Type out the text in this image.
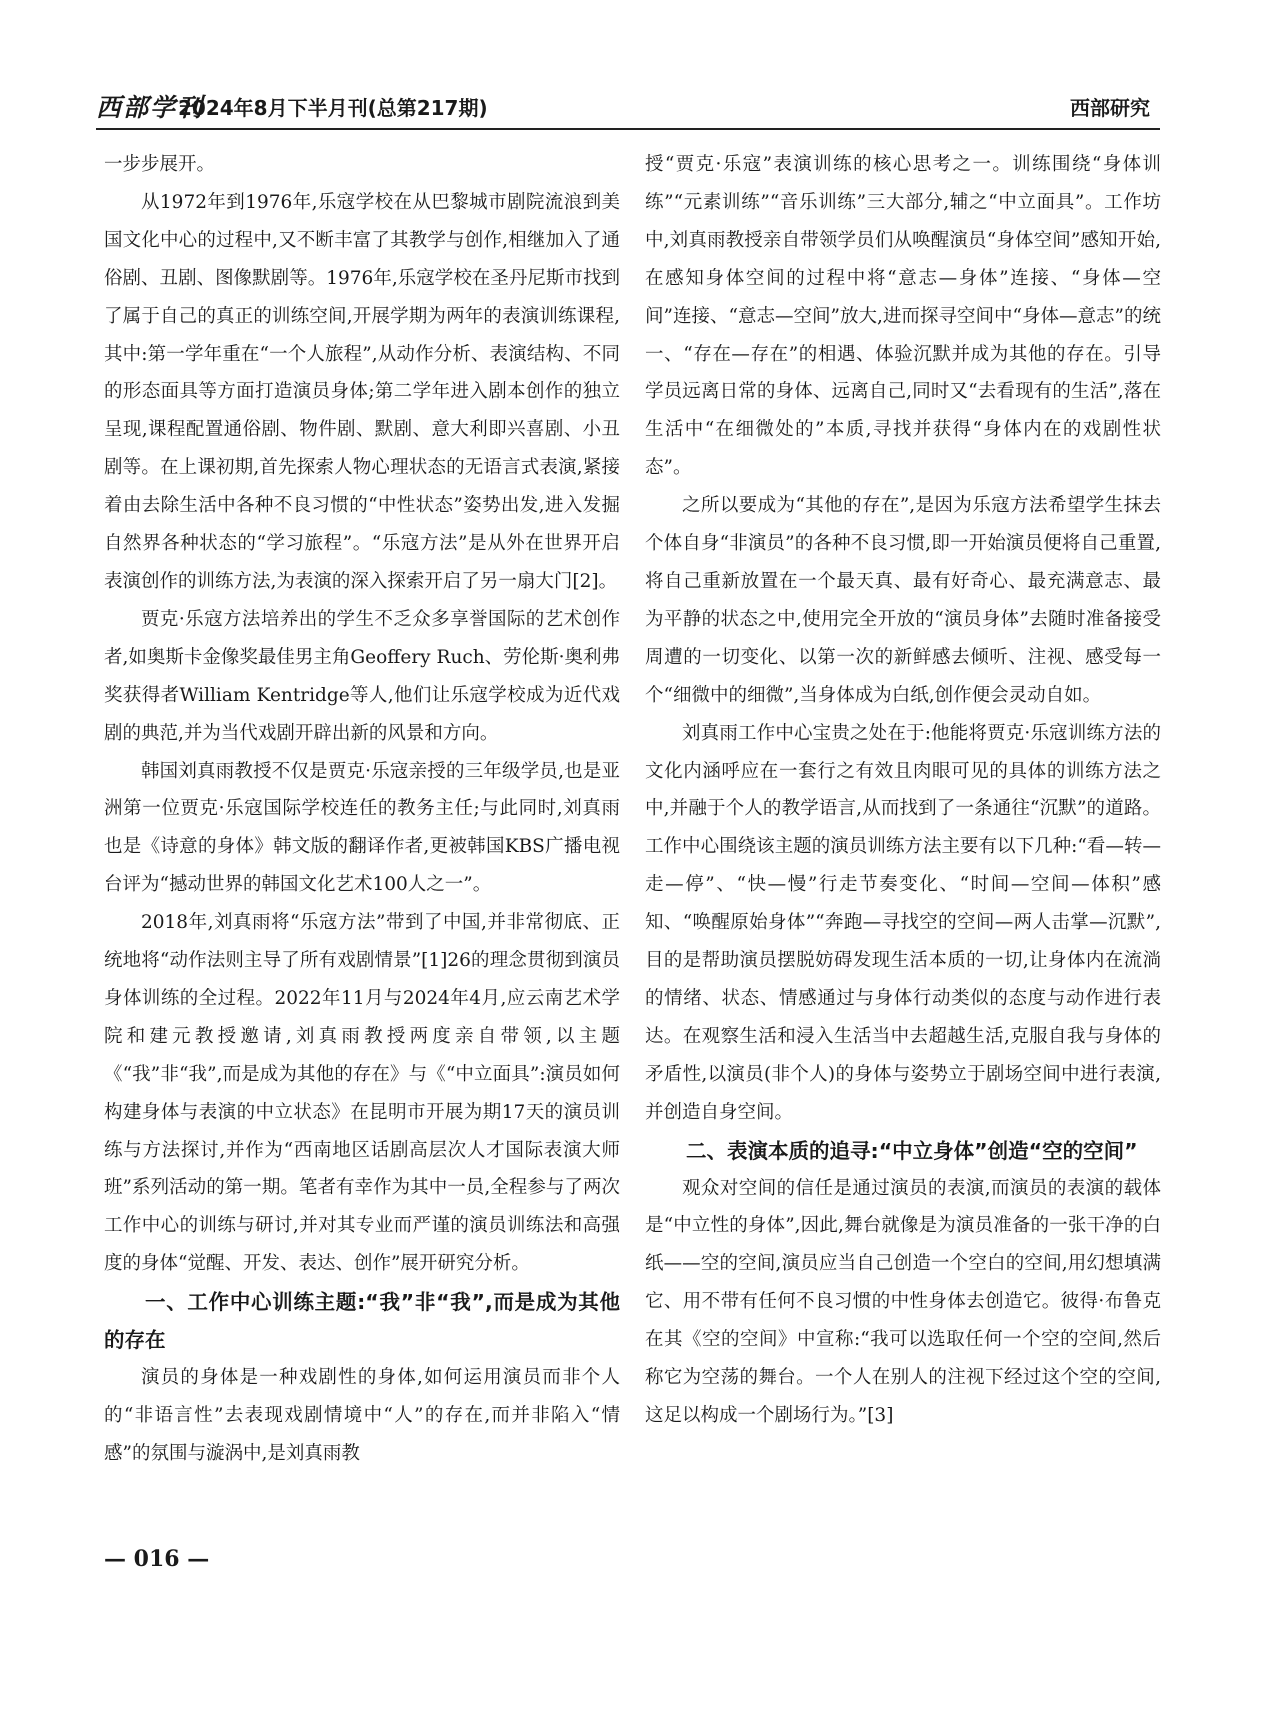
西部学刊
2024年8月下半月刊(总第217期)	西部研究

一步步展开。

从1972年到1976年,乐寇学校在从巴黎城市剧院流浪到美国文化中心的过程中,又不断丰富了其教学与创作,相继加入了通俗剧、丑剧、图像默剧等。1976年,乐寇学校在圣丹尼斯市找到了属于自己的真正的训练空间,开展学期为两年的表演训练课程,其中:第一学年重在“一个人旅程”,从动作分析、表演结构、不同的形态面具等方面打造演员身体;第二学年进入剧本创作的独立呈现,课程配置通俗剧、物件剧、默剧、意大利即兴喜剧、小丑剧等。在上课初期,首先探索人物心理状态的无语言式表演,紧接着由去除生活中各种不良习惯的“中性状态”姿势出发,进入发掘自然界各种状态的“学习旅程”。“乐寇方法”是从外在世界开启表演创作的训练方法,为表演的深入探索开启了另一扇大门[2]。

贾克·乐寇方法培养出的学生不乏众多享誉国际的艺术创作者,如奥斯卡金像奖最佳男主角Geoffery Ruch、劳伦斯·奥利弗奖获得者William Kentridge等人,他们让乐寇学校成为近代戏剧的典范,并为当代戏剧开辟出新的风景和方向。

韩国刘真雨教授不仅是贾克·乐寇亲授的三年级学员,也是亚洲第一位贾克·乐寇国际学校连任的教务主任;与此同时,刘真雨也是《诗意的身体》韩文版的翻译作者,更被韩国KBS广播电视台评为“撼动世界的韩国文化艺术100人之一”。

2018年,刘真雨将“乐寇方法”带到了中国,并非常彻底、正统地将“动作法则主导了所有戏剧情景”[1]26的理念贯彻到演员身体训练的全过程。2022年11月与2024年4月,应云南艺术学院和建元教授邀请,刘真雨教授两度亲自带领,以主题《“我”非“我”,而是成为其他的存在》与《“中立面具”:演员如何构建身体与表演的中立状态》在昆明市开展为期17天的演员训练与方法探讨,并作为“西南地区话剧高层次人才国际表演大师班”系列活动的第一期。笔者有幸作为其中一员,全程参与了两次工作中心的训练与研讨,并对其专业而严谨的演员训练法和高强度的身体“觉醒、开发、表达、创作”展开研究分析。

一、工作中心训练主题:“我”非“我”,而是成为其他的存在

演员的身体是一种戏剧性的身体,如何运用演员而非个人的“非语言性”去表现戏剧情境中“人”的存在,而并非陷入“情感”的氛围与漩涡中,是刘真雨教

授“贾克·乐寇”表演训练的核心思考之一。训练围绕“身体训练”“元素训练”“音乐训练”三大部分,辅之“中立面具”。工作坊中,刘真雨教授亲自带领学员们从唤醒演员“身体空间”感知开始,在感知身体空间的过程中将“意志—身体”连接、“身体—空间”连接、“意志—空间”放大,进而探寻空间中“身体—意志”的统一、“存在—存在”的相遇、体验沉默并成为其他的存在。引导学员远离日常的身体、远离自己,同时又“去看现有的生活”,落在生活中“在细微处的”本质,寻找并获得“身体内在的戏剧性状态”。

之所以要成为“其他的存在”,是因为乐寇方法希望学生抹去个体自身“非演员”的各种不良习惯,即一开始演员便将自己重置,将自己重新放置在一个最天真、最有好奇心、最充满意志、最为平静的状态之中,使用完全开放的“演员身体”去随时准备接受周遭的一切变化、以第一次的新鲜感去倾听、注视、感受每一个“细微中的细微”,当身体成为白纸,创作便会灵动自如。

刘真雨工作中心宝贵之处在于:他能将贾克·乐寇训练方法的文化内涵呼应在一套行之有效且肉眼可见的具体的训练方法之中,并融于个人的教学语言,从而找到了一条通往“沉默”的道路。工作中心围绕该主题的演员训练方法主要有以下几种:“看—转—走—停”、“快—慢”行走节奏变化、“时间—空间—体积”感知、“唤醒原始身体”“奔跑—寻找空的空间—两人击掌—沉默”,目的是帮助演员摆脱妨碍发现生活本质的一切,让身体内在流淌的情绪、状态、情感通过与身体行动类似的态度与动作进行表达。在观察生活和浸入生活当中去超越生活,克服自我与身体的矛盾性,以演员(非个人)的身体与姿势立于剧场空间中进行表演,并创造自身空间。

二、表演本质的追寻:“中立身体”创造“空的空间”

观众对空间的信任是通过演员的表演,而演员的表演的载体是“中立性的身体”,因此,舞台就像是为演员准备的一张干净的白纸——空的空间,演员应当自己创造一个空白的空间,用幻想填满它、用不带有任何不良习惯的中性身体去创造它。彼得·布鲁克在其《空的空间》中宣称:“我可以选取任何一个空的空间,然后称它为空荡的舞台。一个人在别人的注视下经过这个空的空间,这足以构成一个剧场行为。”[3]

— 016 —
